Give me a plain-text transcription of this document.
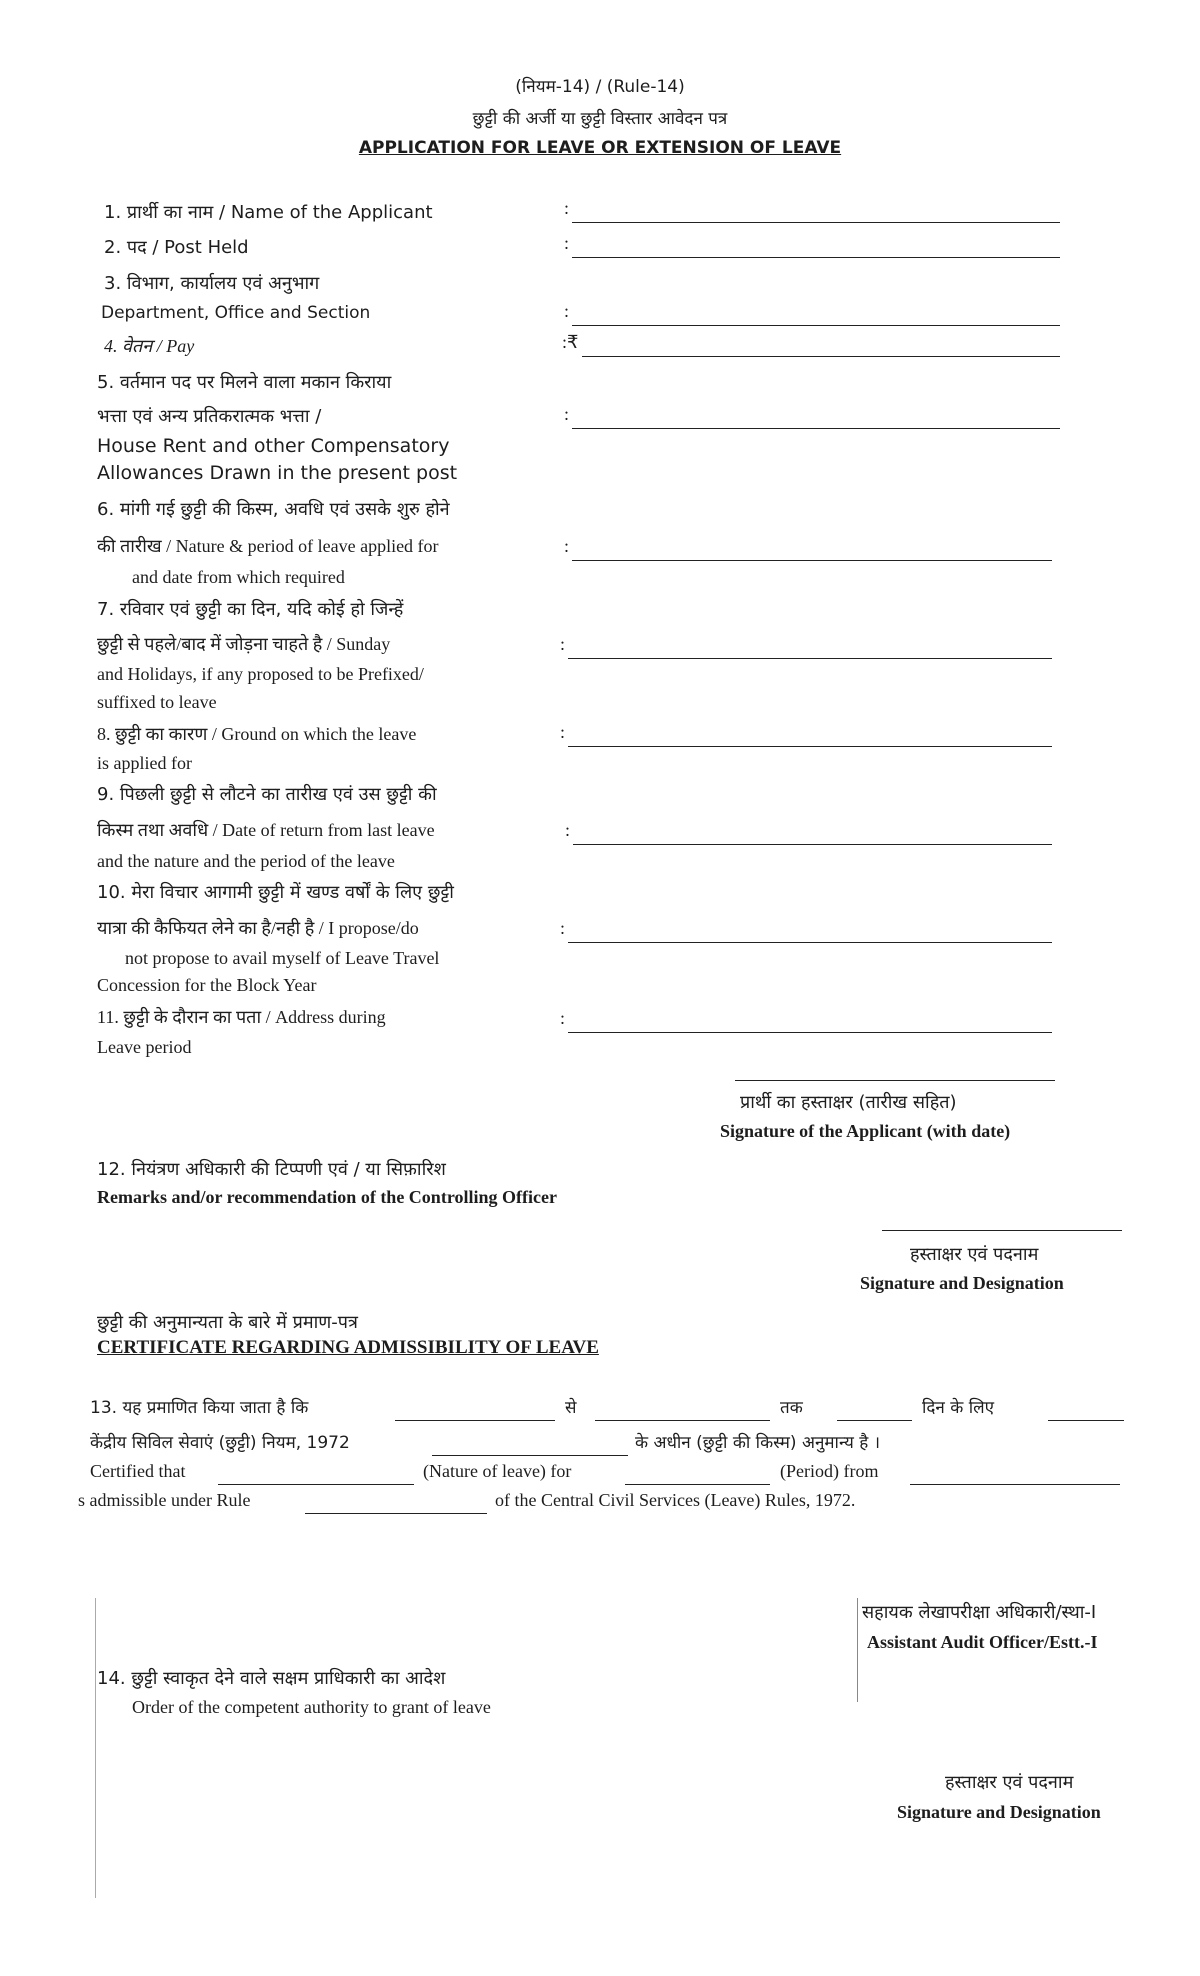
(नियम-14) / (Rule-14)
छुट्टी की अर्जी या छुट्टी विस्तार आवेदन पत्र
APPLICATION FOR LEAVE OR EXTENSION OF LEAVE
1. प्रार्थी का नाम / Name of the Applicant	:
2. पद / Post Held	:
3. विभाग, कार्यालय एवं अनुभाग
Department, Office and Section	:
4. वेतन / Pay	:₹
5. वर्तमान पद पर मिलने वाला मकान किराया
भत्ता एवं अन्य प्रतिकरात्मक भत्ता /	:
House Rent and other Compensatory
Allowances Drawn in the present post
6. मांगी गई छुट्टी की किस्म, अवधि एवं उसके शुरु होने
की तारीख / Nature & period of leave applied for	:
and date from which required
7. रविवार एवं छुट्टी का दिन, यदि कोई हो जिन्हें
छुट्टी से पहले/बाद में जोड़ना चाहते है / Sunday	:
and Holidays, if any proposed to be Prefixed/
suffixed to leave
8. छुट्टी का कारण / Ground on which the leave	:
is applied for
9. पिछली छुट्टी से लौटने का तारीख एवं उस छुट्टी की
किस्म तथा अवधि / Date of return from last leave	:
and the nature and the period of the leave
10. मेरा विचार आगामी छुट्टी में खण्ड वर्षों के लिए छुट्टी
यात्रा की कैफियत लेने का है/नही है / I propose/do	:
not propose to avail myself of Leave Travel
Concession for the Block Year
11. छुट्टी के दौरान का पता / Address during	:
Leave period
प्रार्थी का हस्ताक्षर (तारीख सहित)
Signature of the Applicant (with date)
12. नियंत्रण अधिकारी की टिप्पणी एवं / या सिफ़ारिश
Remarks and/or recommendation of the Controlling Officer
हस्ताक्षर एवं पदनाम
Signature and Designation
छुट्टी की अनुमान्यता के बारे में प्रमाण-पत्र
CERTIFICATE REGARDING ADMISSIBILITY OF LEAVE
13. यह प्रमाणित किया जाता है कि	से	तक	दिन के लिए
केंद्रीय सिविल सेवाएं (छुट्टी) नियम, 1972	के अधीन (छुट्टी की किस्म) अनुमान्य है ।
Certified that	(Nature of leave) for	(Period) from
s admissible under Rule	of the Central Civil Services (Leave) Rules, 1972.
सहायक लेखापरीक्षा अधिकारी/स्था-I
Assistant Audit Officer/Estt.-I
14. छुट्टी स्वाकृत देने वाले सक्षम प्राधिकारी का आदेश
Order of the competent authority to grant of leave
हस्ताक्षर एवं पदनाम
Signature and Designation
